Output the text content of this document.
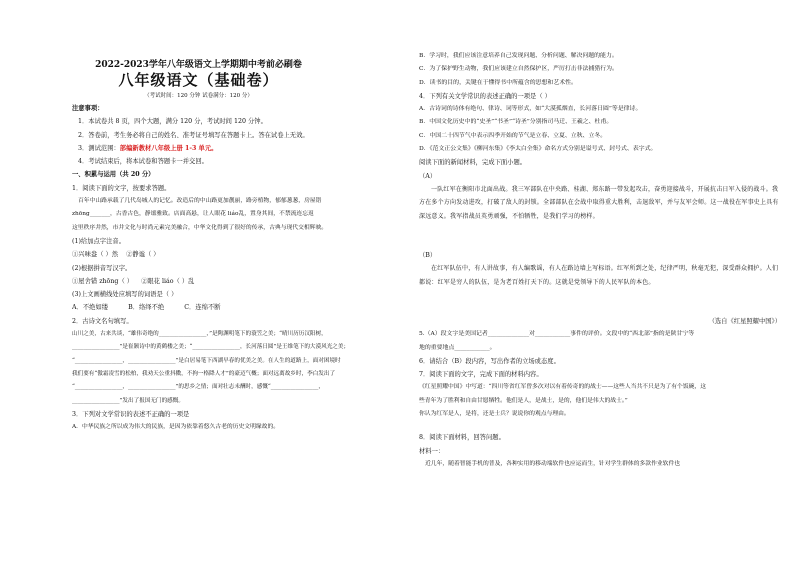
2022-2023学年八年级语文上学期期中考前必刷卷
八年级语文（基础卷）
（考试时间：120 分钟 试卷满分：120 分）
注意事项：
1．本试卷共 8 页，四个大题，满分 120 分，考试时间 120 分钟。
2．答卷前，考生务必将自己的姓名、准考证号填写在答题卡上。答在试卷上无效。
3．测试范围：部编新教材八年级上册 1-3 单元。
4．考试结束后，将本试卷和答题卡一并交回。
一、积累与运用（共 20 分）
1．阅读下面的文字，按要求答题。
百年中山路承载了几代岛城人的记忆。改造后的中山路更加靓丽，路旁植物，郁郁葱葱，房屋错
zhōng_______，古香古色，静谧雅致。店面高悬，让人眼花 liáo乱，置身其间，不禁流连忘返
这里秩序井然，市井文化与时尚元素完美融合，中华文化得到了很好的传承，古典与现代交相辉映。
(1)给加点字注音。
①兴味盎（ ）然 ②静谧（ ）
(2)根据拼音写汉字。
①屋舍错 zhōng（ ） ②眼花 liáo（ ）乱
(3)上文画横线处应填写的词语是（ ）
A．不绝如缕	B．络绎不绝	C．连绵不断
2．古诗文名句填写。
山川之美，古来共谈，“雄伟奇绝的_________________，”是陶渊明笔下的蓑笠之美；“晴川历历汉阳树，
_________________”是崔颢诗中的黄鹤楼之美；“_________________，长河落日圆”是王维笔下的大漠风光之美；
“_________________，_________________”是白居易笔下西湖早春的优美之美。在人生的道路上，面对困境时
我们要有“傲霜凌雪的松柏，我劝天公重抖擞，不拘一格降人才”的豪迈气概；面对远离故乡时，李白发出了
“_________________，_________________”的思乡之情；面对壮志未酬时，感慨“_________________，
_________________”发出了报国无门的感慨。
3．下列对文学常识的表述不正确的一项是
A．中华民族之所以成为伟大的民族，是因为依靠着悠久古老的历史文明缘故的。
B．学习时，我们应该注意培养自己发现问题、分析问题、解决问题的能力。
C．为了保护野生动物，我们应该建立自然保护区，严厉打击非法捕猎行为。
D．读书的目的，关键在于懂得书中所蕴含的思想和艺术性。
4．下列有关文学常识的表述正确的一项是（ ）
A．古诗词的诗体有绝句、律诗、词等形式，如“大漠孤烟直，长河落日圆”等是律诗。
B．中国文化历史中的“史圣”“书圣”“诗圣”分别指司马迁、王羲之、杜甫。
C．中国二十四节气中表示四季开始的节气是立春、立夏、立秋、立冬。
D．《范文正公文集》《柳河东集》《李太白全集》命名方式分别是谥号式、封号式、表字式。
阅读下面的新闻材料，完成下面小题。
（A）
一队红军在衡阳市北面出战。我三军部队在中央路、桂湖、郑东路一带发起攻击，奋勇迎接战斗，开展抗击日军入侵的战斗。我方在多个方向发动进攻，打破了敌人的封锁。全部部队在会战中取得重大胜利，击退敌军，并与友军会师。这一战役在军事史上具有深远意义。我军指战员英勇顽强，不怕牺牲，是我们学习的榜样。
（B）
在红军队伍中，有人讲故事，有人编歌谣，有人在路边墙上写标语。红军所到之处，纪律严明，秋毫无犯，深受群众拥护。人们都说：红军是穷人的队伍，是为老百姓打天下的。这就是党领导下的人民军队的本色。
（选自《红星照耀中国》）
5.（A）段文字是美国记者______________对____________事件的评价。文段中的“西北部”指的是陕甘宁等
地的重要地点____________。
6．请结合（B）段内容，写出作者的立场或态度。
7．阅读下面的文字，完成下面的材料内容。
《红星照耀中国》中写道：“四川等省红军曾多次对以有着传奇的的战士——这些人当共不只是为了有个饭碗，这
些青年为了胜利和自由甘愿牺牲。他们是人，是战士，是的，他们是伟大的战士。”
你认为红军是人，是将，还是士兵？说说你的观点与理由。
8．阅读下面材料，回答问题。
材料一：
近几年，随着智能手机的普及，各种实用的移动端软件也应运而生，针对学生群体的多款作业软件也
